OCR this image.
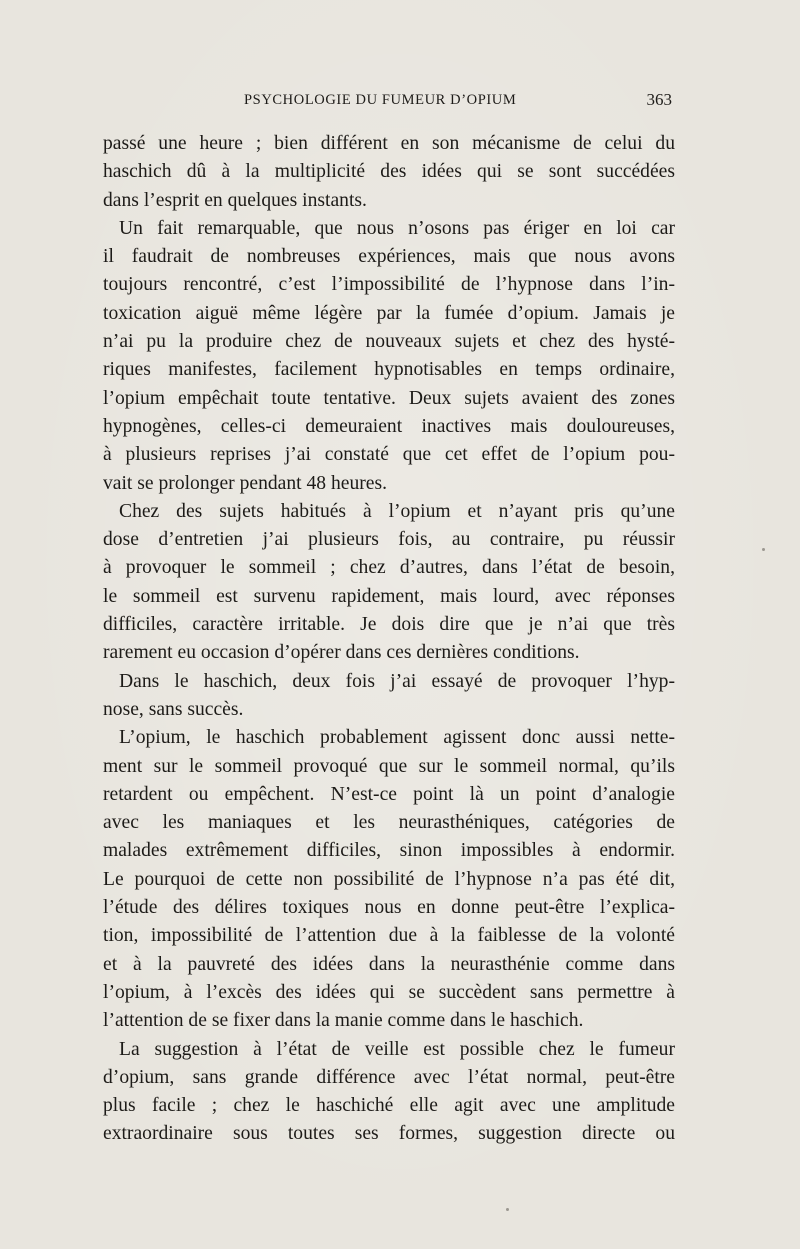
PSYCHOLOGIE DU FUMEUR D’OPIUM	363
passé une heure ; bien différent en son mécanisme de celui du
haschich dû à la multiplicité des idées qui se sont succédées
dans l’esprit en quelques instants.
Un fait remarquable, que nous n’osons pas ériger en loi car
il faudrait de nombreuses expériences, mais que nous avons
toujours rencontré, c’est l’impossibilité de l’hypnose dans l’in-
toxication aiguë même légère par la fumée d’opium. Jamais je
n’ai pu la produire chez de nouveaux sujets et chez des hysté-
riques manifestes, facilement hypnotisables en temps ordinaire,
l’opium empêchait toute tentative. Deux sujets avaient des zones
hypnogènes, celles-ci demeuraient inactives mais douloureuses,
à plusieurs reprises j’ai constaté que cet effet de l’opium pou-
vait se prolonger pendant 48 heures.
Chez des sujets habitués à l’opium et n’ayant pris qu’une
dose d’entretien j’ai plusieurs fois, au contraire, pu réussir
à provoquer le sommeil ; chez d’autres, dans l’état de besoin,
le sommeil est survenu rapidement, mais lourd, avec réponses
difficiles, caractère irritable. Je dois dire que je n’ai que très
rarement eu occasion d’opérer dans ces dernières conditions.
Dans le haschich, deux fois j’ai essayé de provoquer l’hyp-
nose, sans succès.
L’opium, le haschich probablement agissent donc aussi nette-
ment sur le sommeil provoqué que sur le sommeil normal, qu’ils
retardent ou empêchent. N’est-ce point là un point d’analogie
avec les maniaques et les neurasthéniques, catégories de
malades extrêmement difficiles, sinon impossibles à endormir.
Le pourquoi de cette non possibilité de l’hypnose n’a pas été dit,
l’étude des délires toxiques nous en donne peut-être l’explica-
tion, impossibilité de l’attention due à la faiblesse de la volonté
et à la pauvreté des idées dans la neurasthénie comme dans
l’opium, à l’excès des idées qui se succèdent sans permettre à
l’attention de se fixer dans la manie comme dans le haschich.
La suggestion à l’état de veille est possible chez le fumeur
d’opium, sans grande différence avec l’état normal, peut-être
plus facile ; chez le haschiché elle agit avec une amplitude
extraordinaire sous toutes ses formes, suggestion directe ou
